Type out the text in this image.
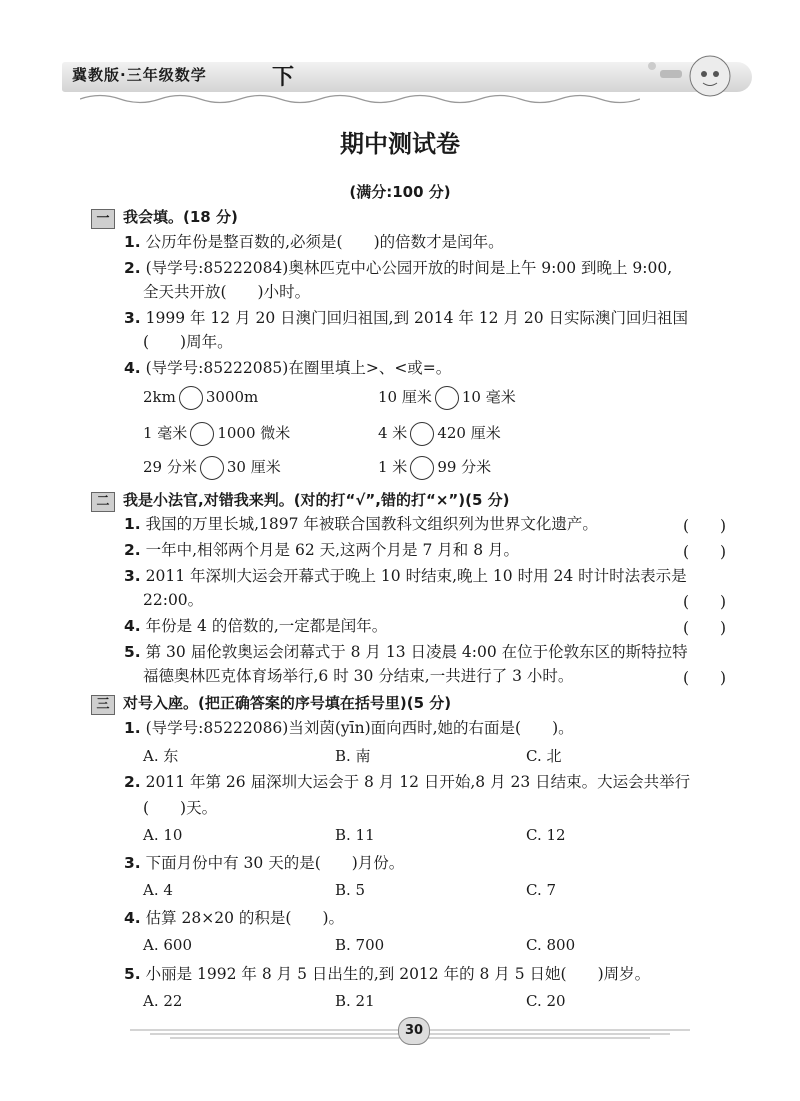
冀教版·三年级数学	下
期中测试卷
(满分:100 分)
一 我会填。(18 分)
1. 公历年份是整百数的,必须是(　　)的倍数才是闰年。
2. (导学号:85222084)奥林匹克中心公园开放的时间是上午 9:00 到晚上 9:00,
全天共开放(　　)小时。
3. 1999 年 12 月 20 日澳门回归祖国,到 2014 年 12 月 20 日实际澳门回归祖国
(　　)周年。
4. (导学号:85222085)在圈里填上>、<或=。
2km 3000m	10 厘米 10 毫米
1 毫米 1000 微米	4 米 420 厘米
29 分米 30 厘米	1 米 99 分米
二 我是小法官,对错我来判。(对的打“√”,错的打“×”)(5 分)
1. 我国的万里长城,1897 年被联合国教科文组织列为世界文化遗产。	(　　)
2. 一年中,相邻两个月是 62 天,这两个月是 7 月和 8 月。	(　　)
3. 2011 年深圳大运会开幕式于晚上 10 时结束,晚上 10 时用 24 时计时法表示是
22:00。	(　　)
4. 年份是 4 的倍数的,一定都是闰年。	(　　)
5. 第 30 届伦敦奥运会闭幕式于 8 月 13 日凌晨 4:00 在位于伦敦东区的斯特拉特
福德奥林匹克体育场举行,6 时 30 分结束,一共进行了 3 小时。	(　　)
三 对号入座。(把正确答案的序号填在括号里)(5 分)
1. (导学号:85222086)当刘茵(yīn)面向西时,她的右面是(　　)。
A. 东	B. 南	C. 北
2. 2011 年第 26 届深圳大运会于 8 月 12 日开始,8 月 23 日结束。大运会共举行
(　　)天。
A. 10	B. 11	C. 12
3. 下面月份中有 30 天的是(　　)月份。
A. 4	B. 5	C. 7
4. 估算 28×20 的积是(　　)。
A. 600	B. 700	C. 800
5. 小丽是 1992 年 8 月 5 日出生的,到 2012 年的 8 月 5 日她(　　)周岁。
A. 22	B. 21	C. 20
30
